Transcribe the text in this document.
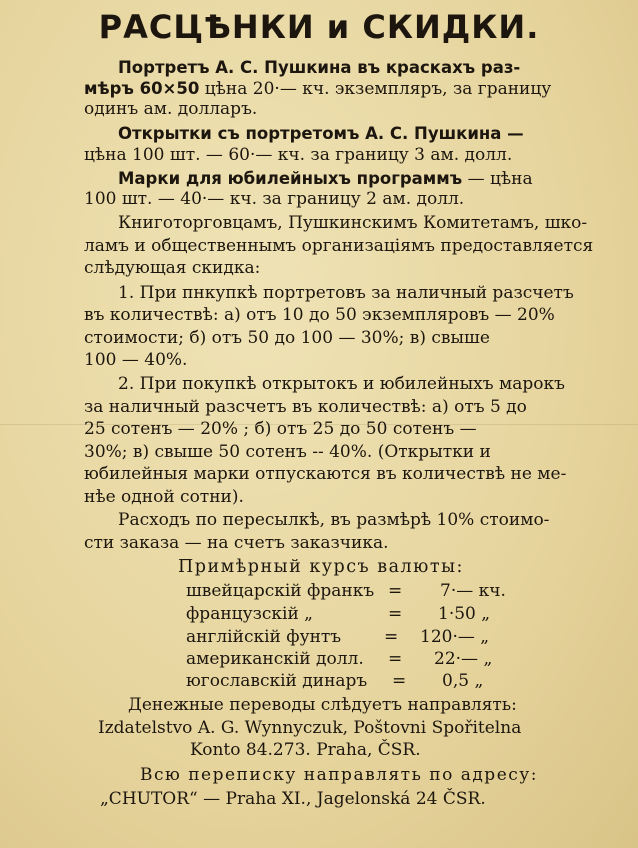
РАСЦѢНКИ и СКИДКИ.
Портретъ А. С. Пушкина въ краскахъ раз-
мѣръ 60×50 цѣна 20·— кч. экземпляръ, за границу
одинъ ам. долларъ.
Открытки съ портретомъ А. С. Пушкина —
цѣна 100 шт. — 60·— кч. за границу 3 ам. долл.
Марки для юбилейныхъ программъ — цѣна
100 шт. — 40·— кч. за границу 2 ам. долл.
Книготорговцамъ, Пушкинскимъ Комитетамъ, шко-
ламъ и общественнымъ организацiямъ предоставляется
слѣдующая скидка:
1. При пнкупкѣ портретовъ за наличный разсчетъ
въ количествѣ: а) отъ 10 до 50 экземпляровъ — 20%
стоимости; б) отъ 50 до 100 — 30%; в) свыше
100 — 40%.
2. При покупкѣ открытокъ и юбилейныхъ марокъ
за наличный разсчетъ въ количествѣ: а) отъ 5 до
25 сотенъ — 20% ; б) отъ 25 до 50 сотенъ —
30%; в) свыше 50 сотенъ -- 40%. (Открытки и
юбилейныя марки отпускаются въ количествѣ не ме-
нѣе одной сотни).
Расходъ по пересылкѣ, въ размѣрѣ 10% стоимо-
сти заказа — на счетъ заказчика.
Примѣрный курсъ валюты:
швейцарскiй франкъ = 7·— кч.
французскiй „	= 1·50 „
англiйскiй фунтъ	= 120·— „
американскiй долл. = 22·— „
югославскiй динаръ = 0,5 „
Денежные переводы слѣдуетъ направлять:
Izdatelstvo A. G. Wynnyczuk, Poštovni Spořitelna
Konto 84.273. Praha, ČSR.
Всю переписку направлять по адресу:
„CHUTOR“ — Praha XI., Jagelonská 24 ČSR.
